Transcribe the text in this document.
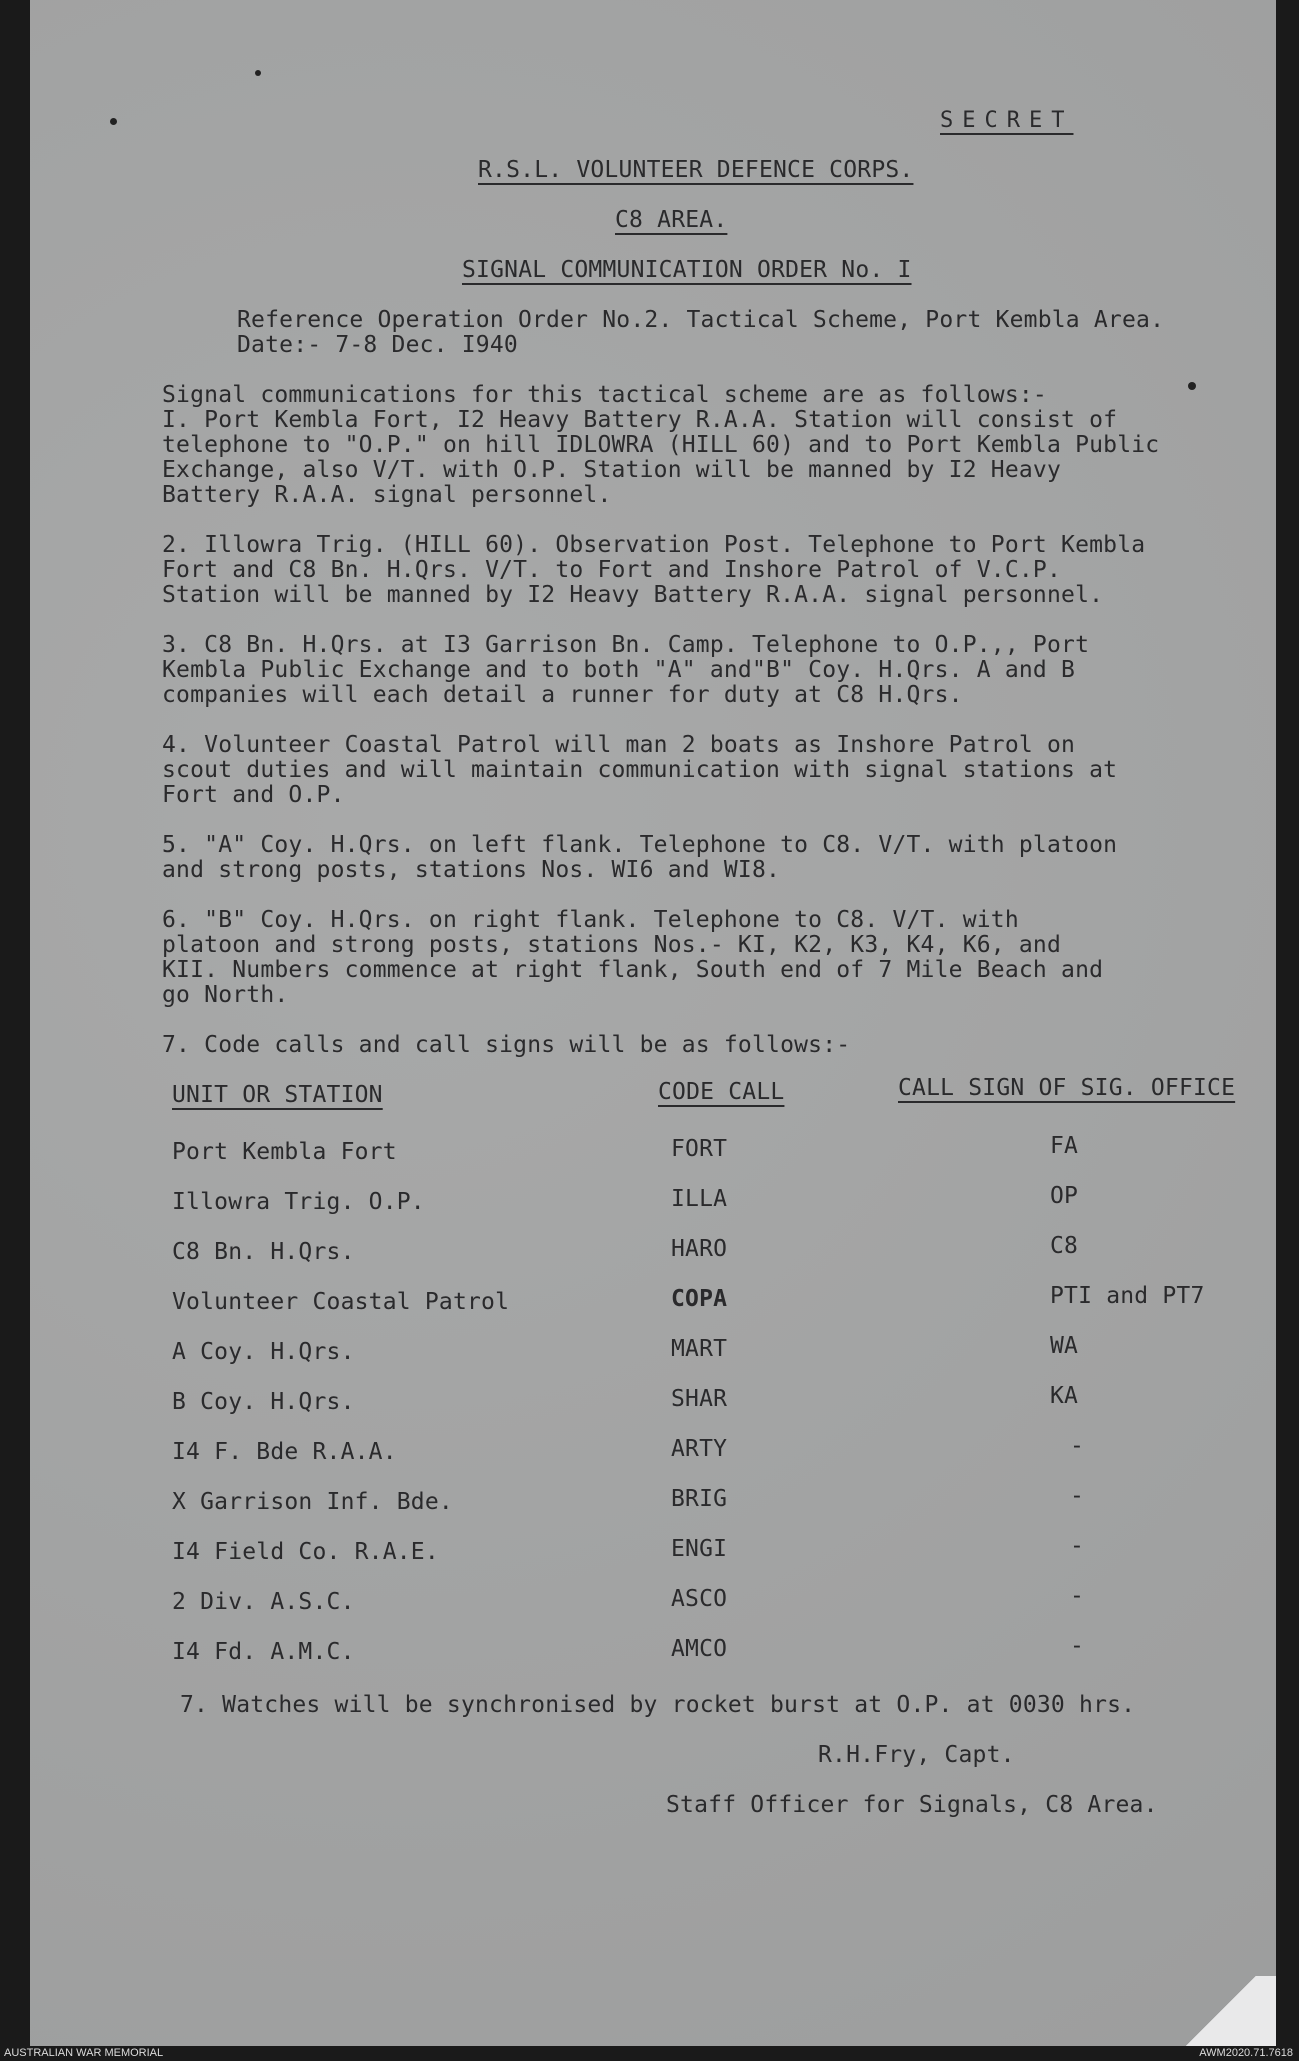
SECRET
R.S.L. VOLUNTEER DEFENCE CORPS.
C8 AREA.
SIGNAL COMMUNICATION ORDER No. I
Reference Operation Order No.2. Tactical Scheme, Port Kembla Area.
Date:- 7-8 Dec. I940
Signal communications for this tactical scheme are as follows:-
I. Port Kembla Fort, I2 Heavy Battery R.A.A. Station will consist of
telephone to "O.P." on hill IDLOWRA (HILL 60) and to Port Kembla Public
Exchange, also V/T. with O.P. Station will be manned by I2 Heavy
Battery R.A.A. signal personnel.
2. Illowra Trig. (HILL 60). Observation Post. Telephone to Port Kembla
Fort and C8 Bn. H.Qrs. V/T. to Fort and Inshore Patrol of V.C.P.
Station will be manned by I2 Heavy Battery R.A.A. signal personnel.
3. C8 Bn. H.Qrs. at I3 Garrison Bn. Camp. Telephone to O.P.,, Port
Kembla Public Exchange and to both "A" and"B" Coy. H.Qrs. A and B
companies will each detail a runner for duty at C8 H.Qrs.
4. Volunteer Coastal Patrol will man 2 boats as Inshore Patrol on
scout duties and will maintain communication with signal stations at
Fort and O.P.
5. "A" Coy. H.Qrs. on left flank. Telephone to C8. V/T. with platoon
and strong posts, stations Nos. WI6 and WI8.
6. "B" Coy. H.Qrs. on right flank. Telephone to C8. V/T. with
platoon and strong posts, stations Nos.- KI, K2, K3, K4, K6, and
KII. Numbers commence at right flank, South end of 7 Mile Beach and
go North.
7. Code calls and call signs will be as follows:-
UNIT OR STATION	CODE CALL	CALL SIGN OF SIG. OFFICE
Port Kembla Fort	FORT	FA
Illowra Trig. O.P.	ILLA	OP
C8 Bn. H.Qrs.	HARO	C8
Volunteer Coastal Patrol	COPA	PTI and PT7
A Coy. H.Qrs.	MART	WA
B Coy. H.Qrs.	SHAR	KA
I4 F. Bde R.A.A.	ARTY	-
X Garrison Inf. Bde.	BRIG	-
I4 Field Co. R.A.E.	ENGI	-
2 Div. A.S.C.	ASCO	-
I4 Fd. A.M.C.	AMCO	-
7. Watches will be synchronised by rocket burst at O.P. at 0030 hrs.
R.H.Fry, Capt.
Staff Officer for Signals, C8 Area.
AUSTRALIAN WAR MEMORIAL	AWM2020.71.7618
